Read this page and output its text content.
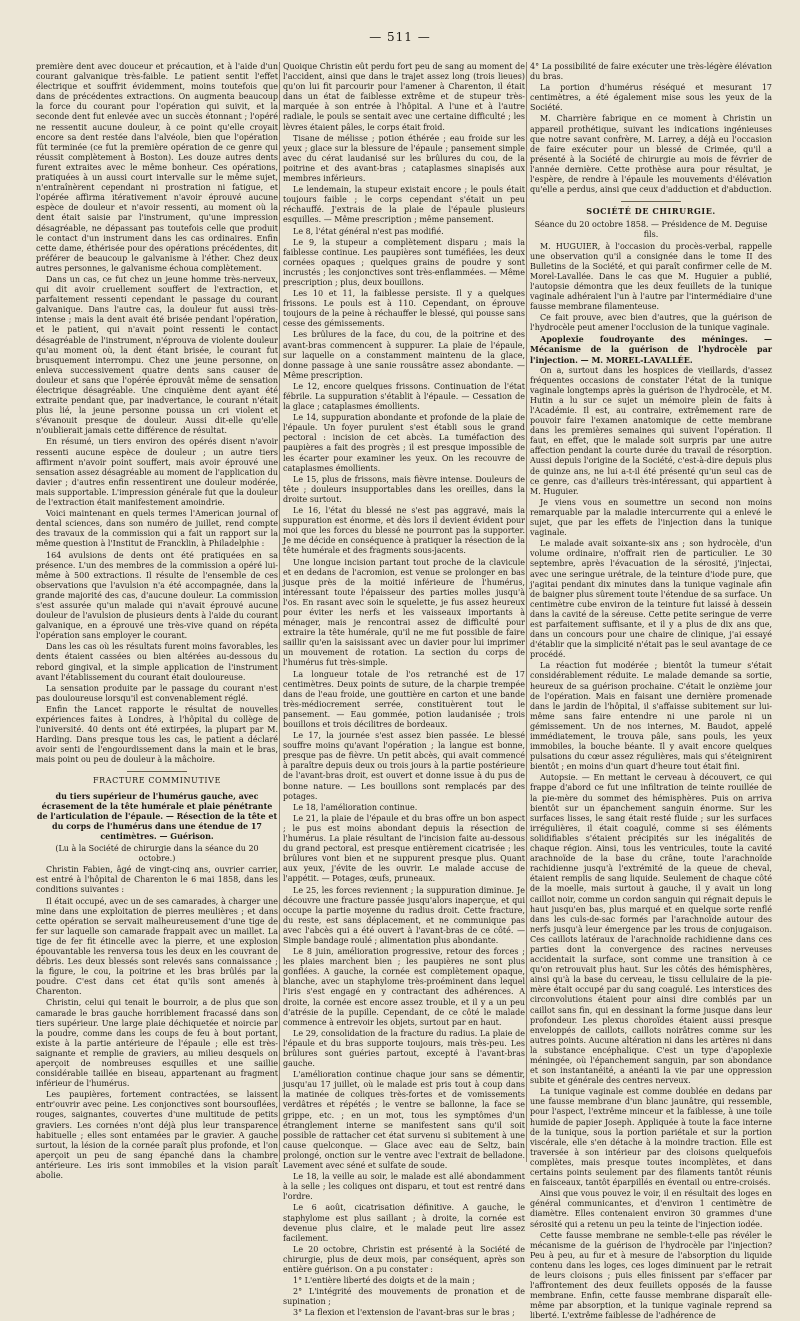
— 511 —

première dent avec douceur et précaution, et à l'aide d'un courant galvanique très-faible. Le patient sentit l'effet électrique et souffrit évidemment, moins toutefois que dans de précédentes extractions. On augmenta beaucoup la force du courant pour l'opération qui suivit, et la seconde dent fut enlevée avec un succès étonnant ; l'opéré ne ressentit aucune douleur, à ce point qu'elle croyait encore sa dent restée dans l'alvéole, bien que l'opération fût terminée (ce fut la première opération de ce genre qui réussit complètement à Boston). Les douze autres dents furent extraites avec le même bonheur. Ces opérations, pratiquées à un aussi court intervalle sur le même sujet, n'entraînèrent cependant ni prostration ni fatigue, et l'opérée affirma itérativement n'avoir éprouvé aucune espèce de douleur et n'avoir ressenti, au moment où la dent était saisie par l'instrument, qu'une impression désagréable, ne dépassant pas toutefois celle que produit le contact d'un instrument dans les cas ordinaires. Enfin cette dame, éthérisée pour des opérations précédentes, dit préférer de beaucoup le galvanisme à l'éther. Chez deux autres personnes, le galvanisme échoua complètement.

Dans un cas, ce fut chez un jeune homme très-nerveux, qui dit avoir cruellement souffert de l'extraction, et parfaitement ressenti cependant le passage du courant galvanique. Dans l'autre cas, la douleur fut aussi très-intense ; mais la dent avait été brisée pendant l'opération, et le patient, qui n'avait point ressenti le contact désagréable de l'instrument, n'éprouva de violente douleur qu'au moment où, la dent étant brisée, le courant fut brusquement interrompu. Chez une jeune personne, on enleva successivement quatre dents sans causer de douleur et sans que l'opérée éprouvât même de sensation électrique désagréable. Une cinquième dent ayant été extraite pendant que, par inadvertance, le courant n'était plus lié, la jeune personne poussa un cri violent et s'évanouit presque de douleur. Aussi dit-elle qu'elle n'oublierait jamais cette différence de résultat.

En résumé, un tiers environ des opérés disent n'avoir ressenti aucune espèce de douleur ; un autre tiers affirment n'avoir point souffert, mais avoir éprouvé une sensation assez désagréable au moment de l'application du davier ; d'autres enfin ressentirent une douleur modérée, mais supportable. L'impression générale fut que la douleur de l'extraction était manifestement amoindrie.

Voici maintenant en quels termes l'American journal of dental sciences, dans son numéro de juillet, rend compte des travaux de la commission qui a fait un rapport sur la même question à l'Institut de Francklin, à Philadelphie :

164 avulsions de dents ont été pratiquées en sa présence. L'un des membres de la commission a opéré lui-même à 500 extractions. Il résulte de l'ensemble de ces observations que l'avulsion n'a été accompagnée, dans la grande majorité des cas, d'aucune douleur. La commission s'est assurée qu'un malade qui n'avait éprouvé aucune douleur de l'avulsion de plusieurs dents à l'aide du courant galvanique, en a éprouvé une très-vive quand on répéta l'opération sans employer le courant.

Dans les cas où les résultats furent moins favorables, les dents étaient cassées ou bien altérées au-dessous du rebord gingival, et la simple application de l'instrument avant l'établissement du courant était douloureuse.

La sensation produite par le passage du courant n'est pas douloureuse lorsqu'il est convenablement réglé.

Enfin the Lancet rapporte le résultat de nouvelles expériences faites à Londres, à l'hôpital du collège de l'université. 40 dents ont été extirpées, la plupart par M. Harding. Dans presque tous les cas, le patient a déclaré avoir senti de l'engourdissement dans la main et le bras, mais point ou peu de douleur à la mâchoire.

FRACTURE COMMINUTIVE

du tiers supérieur de l'humérus gauche, avec écrasement de la tête humérale et plaie pénétrante de l'articulation de l'épaule. — Résection de la tête et du corps de l'humérus dans une étendue de 17 centimètres. — Guérison.

(Lu à la Société de chirurgie dans la séance du 20 octobre.)

Christin Fabien, âgé de vingt-cinq ans, ouvrier carrier, est entré à l'hôpital de Charenton le 6 mai 1858, dans les conditions suivantes :

Il était occupé, avec un de ses camarades, à charger une mine dans une exploitation de pierres meulières ; et dans cette opération se servait malheureusement d'une tige de fer sur laquelle son camarade frappait avec un maillet. La tige de fer fit étincelle avec la pierre, et une explosion épouvantable les renversa tous les deux en les couvrant de débris. Les deux blessés sont relevés sans connaissance ; la figure, le cou, la poitrine et les bras brûlés par la poudre. C'est dans cet état qu'ils sont amenés à Charenton.

Christin, celui qui tenait le bourroir, a de plus que son camarade le bras gauche horriblement fracassé dans son tiers supérieur. Une large plaie déchiquetée et noircie par la poudre, comme dans les coups de feu à bout portant, existe à la partie antérieure de l'épaule ; elle est très-saignante et remplie de graviers, au milieu desquels on aperçoit de nombreuses esquilles et une saillie considérable taillée en biseau, appartenant au fragment inférieur de l'humérus.

Les paupières, fortement contractées, se laissent entr'ouvrir avec peine. Les conjonctives sont boursouflées, rouges, saignantes, couvertes d'une multitude de petits graviers. Les cornées n'ont déjà plus leur transparence habituelle ; elles sont entamées par le gravier. A gauche surtout, la lésion de la cornée paraît plus profonde, et l'on aperçoit un peu de sang épanché dans la chambre antérieure. Les iris sont immobiles et la vision paraît abolie.

Quoique Christin eût perdu fort peu de sang au moment de l'accident, ainsi que dans le trajet assez long (trois lieues) qu'on lui fit parcourir pour l'amener à Charenton, il était dans un état de faiblesse extrême et de stupeur très-marquée à son entrée à l'hôpital. A l'une et à l'autre radiale, le pouls se sentait avec une certaine difficulté ; les lèvres étaient pâles, le corps était froid.

Tisane de mélisse ; potion éthérée ; eau froide sur les yeux ; glace sur la blessure de l'épaule ; pansement simple avec du cérat laudanisé sur les brûlures du cou, de la poitrine et des avant-bras ; cataplasmes sinapisés aux membres inférieurs.

Le lendemain, la stupeur existait encore ; le pouls était toujours faible ; le corps cependant s'était un peu réchauffé. J'extrais de la plaie de l'épaule plusieurs esquilles. — Même prescription ; même pansement.

Le 8, l'état général n'est pas modifié.

Le 9, la stupeur a complètement disparu ; mais la faiblesse continue. Les paupières sont tuméfiées, les deux cornées opaques ; quelques grains de poudre y sont incrustés ; les conjonctives sont très-enflammées. — Même prescription ; plus, deux bouillons.

Les 10 et 11, la faiblesse persiste. Il y a quelques frissons. Le pouls est à 110. Cependant, on éprouve toujours de la peine à réchauffer le blessé, qui pousse sans cesse des gémissements.

Les brûlures de la face, du cou, de la poitrine et des avant-bras commencent à suppurer. La plaie de l'épaule, sur laquelle on a constamment maintenu de la glace, donne passage à une sanie roussâtre assez abondante. — Même prescription.

Le 12, encore quelques frissons. Continuation de l'état fébrile. La suppuration s'établit à l'épaule. — Cessation de la glace ; cataplasmes émollients.

Le 14, suppuration abondante et profonde de la plaie de l'épaule. Un foyer purulent s'est établi sous le grand pectoral : incision de cet abcès. La tuméfaction des paupières a fait des progrès ; il est presque impossible de les écarter pour examiner les yeux. On les recouvre de cataplasmes émollients.

Le 15, plus de frissons, mais fièvre intense. Douleurs de tête ; douleurs insupportables dans les oreilles, dans la droite surtout.

Le 16, l'état du blessé ne s'est pas aggravé, mais la suppuration est énorme, et dès lors il devient évident pour moi que les forces du blessé ne pourront pas la supporter. Je me décide en conséquence à pratiquer la résection de la tête humérale et des fragments sous-jacents.

Une longue incision partant tout proche de la clavicule et en dedans de l'acromion, est venue se prolonger en bas jusque près de la moitié inférieure de l'humérus, intéressant toute l'épaisseur des parties molles jusqu'à l'os. En rasant avec soin le squelette, je fus assez heureux pour éviter les nerfs et les vaisseaux importants à ménager, mais je rencontrai assez de difficulté pour extraire la tête humérale, qu'il ne me fut possible de faire saillir qu'en la saisissant avec un davier pour lui imprimer un mouvement de rotation. La section du corps de l'humérus fut très-simple.

La longueur totale de l'os retranché est de 17 centimètres. Deux points de suture, de la charpie trempée dans de l'eau froide, une gouttière en carton et une bande très-médiocrement serrée, constituèrent tout le pansement. — Eau gommée, potion laudanisée ; trois bouillons et trois décilitres de bordeaux.

Le 17, la journée s'est assez bien passée. Le blessé souffre moins qu'avant l'opération ; la langue est bonne, presque pas de fièvre. Un petit abcès, qui avait commencé à paraître depuis deux ou trois jours à la partie postérieure de l'avant-bras droit, est ouvert et donne issue à du pus de bonne nature. — Les bouillons sont remplacés par des potages.

Le 18, l'amélioration continue.

Le 21, la plaie de l'épaule et du bras offre un bon aspect ; le pus est moins abondant depuis la résection de l'humérus. La plaie résultant de l'incision faite au-dessous du grand pectoral, est presque entièrement cicatrisée ; les brûlures vont bien et ne suppurent presque plus. Quant aux yeux, j'évite de les ouvrir. Le malade accuse de l'appétit. — Potages, œufs, pruneaux.

Le 25, les forces reviennent ; la suppuration diminue. Je découvre une fracture passée jusqu'alors inaperçue, et qui occupe la partie moyenne du radius droit. Cette fracture, du reste, est sans déplacement, et ne communique pas avec l'abcès qui a été ouvert à l'avant-bras de ce côté. — Simple bandage roulé ; alimentation plus abondante.

Le 8 juin, amélioration progressive, retour des forces ; les plaies marchent bien ; les paupières ne sont plus gonflées. A gauche, la cornée est complètement opaque, blanche, avec un staphylome très-proéminent dans lequel l'iris s'est engagé en y contractant des adhérences. A droite, la cornée est encore assez trouble, et il y a un peu d'atrésie de la pupille. Cependant, de ce côté le malade commence à entrevoir les objets, surtout par en haut.

Le 29, consolidation de la fracture du radius. La plaie de l'épaule et du bras supporte toujours, mais très-peu. Les brûlures sont guéries partout, excepté à l'avant-bras gauche.

L'amélioration continue chaque jour sans se démentir, jusqu'au 17 juillet, où le malade est pris tout à coup dans la matinée de coliques très-fortes et de vomissements verdâtres et répétés ; le ventre se ballonne, la face se grippe, etc. ; en un mot, tous les symptômes d'un étranglement interne se manifestent sans qu'il soit possible de rattacher cet état survenu si subitement à une cause quelconque. — Glace avec eau de Seltz, bain prolongé, onction sur le ventre avec l'extrait de belladone. Lavement avec séné et sulfate de soude.

Le 18, la veille au soir, le malade est allé abondamment à la selle ; les coliques ont disparu, et tout est rentré dans l'ordre.

Le 6 août, cicatrisation définitive. A gauche, le staphylome est plus saillant ; à droite, la cornée est devenue plus claire, et le malade peut lire assez facilement.

Le 20 octobre, Christin est présenté à la Société de chirurgie, plus de deux mois, par conséquent, après son entière guérison. On a pu constater :

1° L'entière liberté des doigts et de la main ;

2° L'intégrité des mouvements de pronation et de supination ;

3° La flexion et l'extension de l'avant-bras sur le bras ;

4° La possibilité de faire exécuter une très-légère élévation du bras.

La portion d'humérus réséqué et mesurant 17 centimètres, a été également mise sous les yeux de la Société.

M. Charrière fabrique en ce moment à Christin un appareil prothétique, suivant les indications ingénieuses que notre savant confrère, M. Larrey, a déjà eu l'occasion de faire exécuter pour un blessé de Crimée, qu'il a présenté à la Société de chirurgie au mois de février de l'année dernière. Cette prothèse aura pour résultat, je l'espère, de rendre à l'épaule les mouvements d'élévation qu'elle a perdus, ainsi que ceux d'adduction et d'abduction.

SOCIÉTÉ DE CHIRURGIE.

Séance du 20 octobre 1858. — Présidence de M. Deguise fils.

M. HUGUIER, à l'occasion du procès-verbal, rappelle une observation qu'il a consignée dans le tome II des Bulletins de la Société, et qui paraît confirmer celle de M. Morel-Lavallée. Dans le cas que M. Huguier a publié, l'autopsie démontra que les deux feuillets de la tunique vaginale adhéraient l'un à l'autre par l'intermédiaire d'une fausse membrane filamenteuse.

Ce fait prouve, avec bien d'autres, que la guérison de l'hydrocèle peut amener l'occlusion de la tunique vaginale.

Apoplexie foudroyante des méninges. — Mécanisme de la guérison de l'hydrocèle par l'injection. — M. MOREL-LAVALLÉE.

On a, surtout dans les hospices de vieillards, d'assez fréquentes occasions de constater l'état de la tunique vaginale longtemps après la guérison de l'hydrocèle, et M. Hutin a lu sur ce sujet un mémoire plein de faits à l'Académie. Il est, au contraire, extrêmement rare de pouvoir faire l'examen anatomique de cette membrane dans les premières semaines qui suivent l'opération. Il faut, en effet, que le malade soit surpris par une autre affection pendant la courte durée du travail de résorption. Aussi depuis l'origine de la Société, c'est-à-dire depuis plus de quinze ans, ne lui a-t-il été présenté qu'un seul cas de ce genre, cas d'ailleurs très-intéressant, qui appartient à M. Huguier.

Je viens vous en soumettre un second non moins remarquable par la maladie intercurrente qui a enlevé le sujet, que par les effets de l'injection dans la tunique vaginale.

Le malade avait soixante-six ans ; son hydrocèle, d'un volume ordinaire, n'offrait rien de particulier. Le 30 septembre, après l'évacuation de la sérosité, j'injectai, avec une seringue urétrale, de la teinture d'iode pure, que j'agitai pendant dix minutes dans la tunique vaginale afin de baigner plus sûrement toute l'étendue de sa surface. Un centimètre cube environ de la teinture fut laissé à dessein dans la cavité de la séreuse. Cette petite seringue de verre est parfaitement suffisante, et il y a plus de dix ans que, dans un concours pour une chaire de clinique, j'ai essayé d'établir que la simplicité n'était pas le seul avantage de ce procédé.

La réaction fut modérée ; bientôt la tumeur s'était considérablement réduite. Le malade demande sa sortie, heureux de sa guérison prochaine. C'était le onzième jour de l'opération. Mais en faisant une dernière promenade dans le jardin de l'hôpital, il s'affaisse subitement sur lui-même sans faire entendre ni une parole ni un gémissement. Un de nos internes, M. Baudot, appelé immédiatement, le trouva pâle, sans pouls, les yeux immobiles, la bouche béante. Il y avait encore quelques pulsations du cœur assez régulières, mais qui s'éteignirent bientôt ; en moins d'un quart d'heure tout était fini.

Autopsie. — En mettant le cerveau à découvert, ce qui frappe d'abord ce fut une infiltration de teinte rouillée de la pie-mère du sommet des hémisphères. Puis on arriva bientôt sur un épanchement sanguin énorme. Sur les surfaces lisses, le sang était resté fluide ; sur les surfaces irrégulières, il était coagulé, comme si ses éléments solidifiables s'étaient précipités sur les inégalités de chaque région. Ainsi, tous les ventricules, toute la cavité arachnoïde de la base du crâne, toute l'arachnoïde rachidienne jusqu'à l'extrémité de la queue de cheval, étaient remplis de sang liquide. Seulement de chaque côté de la moelle, mais surtout à gauche, il y avait un long caillot noir, comme un cordon sanguin qui régnait depuis le haut jusqu'en bas, plus marqué et en quelque sorte renflé dans les culs-de-sac formés par l'arachnoïde autour des nerfs jusqu'à leur émergence par les trous de conjugaison. Ces caillots latéraux de l'arachnoïde rachidienne dans ces parties dont la convergence des racines nerveuses accidentait la surface, sont comme une transition à ce qu'on retrouvait plus haut. Sur les côtés des hémisphères, ainsi qu'à la base du cerveau, le tissu cellulaire de la pie-mère était occupé par du sang coagulé. Les interstices des circonvolutions étaient pour ainsi dire comblés par un caillot sans fin, qui en dessinant la forme jusque dans leur profondeur. Les plexus choroïdes étaient aussi presque enveloppés de caillots, caillots noirâtres comme sur les autres points. Aucune altération ni dans les artères ni dans la substance encéphalique. C'est un type d'apoplexie méningée, où l'épanchement sanguin, par son abondance et son instantanéité, a anéanti la vie par une oppression subite et générale des centres nerveux.

La tunique vaginale est comme doublée en dedans par une fausse membrane d'un blanc jaunâtre, qui ressemble, pour l'aspect, l'extrême minceur et la faiblesse, à une toile humide de papier Joseph. Appliquée à toute la face interne de la tunique, sous la portion pariétale et sur la portion viscérale, elle s'en détache à la moindre traction. Elle est traversée à son intérieur par des cloisons quelquefois complètes, mais presque toutes incomplètes, et dans certains points seulement par des filaments tantôt réunis en faisceaux, tantôt éparpillés en éventail ou entre-croisés.

Ainsi que vous pouvez le voir, il en résultait des loges en général communicantes, et d'environ 1 centimètre de diamètre. Elles contenaient environ 30 grammes d'une sérosité qui a retenu un peu la teinte de l'injection iodée.

Cette fausse membrane ne semble-t-elle pas révéler le mécanisme de la guérison de l'hydrocèle par l'injection? Peu à peu, au fur et à mesure de l'absorption du liquide contenu dans les loges, ces loges diminuent par le retrait de leurs cloisons ; puis elles finissent par s'effacer par l'affrontement des deux feuillets opposés de la fausse membrane. Enfin, cette fausse membrane disparaît elle-même par absorption, et la tunique vaginale reprend sa liberté. L'extrême faiblesse de l'adhérence de
